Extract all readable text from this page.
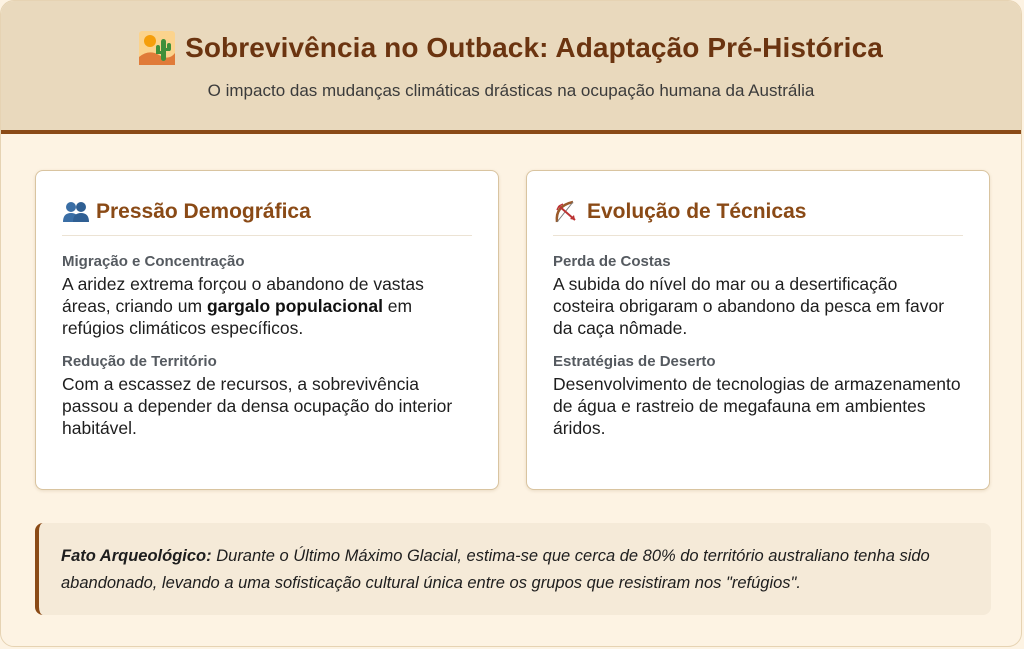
Sobrevivência no Outback: Adaptação Pré-Histórica
O impacto das mudanças climáticas drásticas na ocupação humana da Austrália
Pressão Demográfica
Migração e Concentração
A aridez extrema forçou o abandono de vastas áreas, criando um gargalo populacional em refúgios climáticos específicos.
Redução de Território
Com a escassez de recursos, a sobrevivência passou a depender da densa ocupação do interior habitável.
Evolução de Técnicas
Perda de Costas
A subida do nível do mar ou a desertificação costeira obrigaram o abandono da pesca em favor da caça nômade.
Estratégias de Deserto
Desenvolvimento de tecnologias de armazenamento de água e rastreio de megafauna em ambientes áridos.
Fato Arqueológico: Durante o Último Máximo Glacial, estima-se que cerca de 80% do território australiano tenha sido abandonado, levando a uma sofisticação cultural única entre os grupos que resistiram nos "refúgios".
